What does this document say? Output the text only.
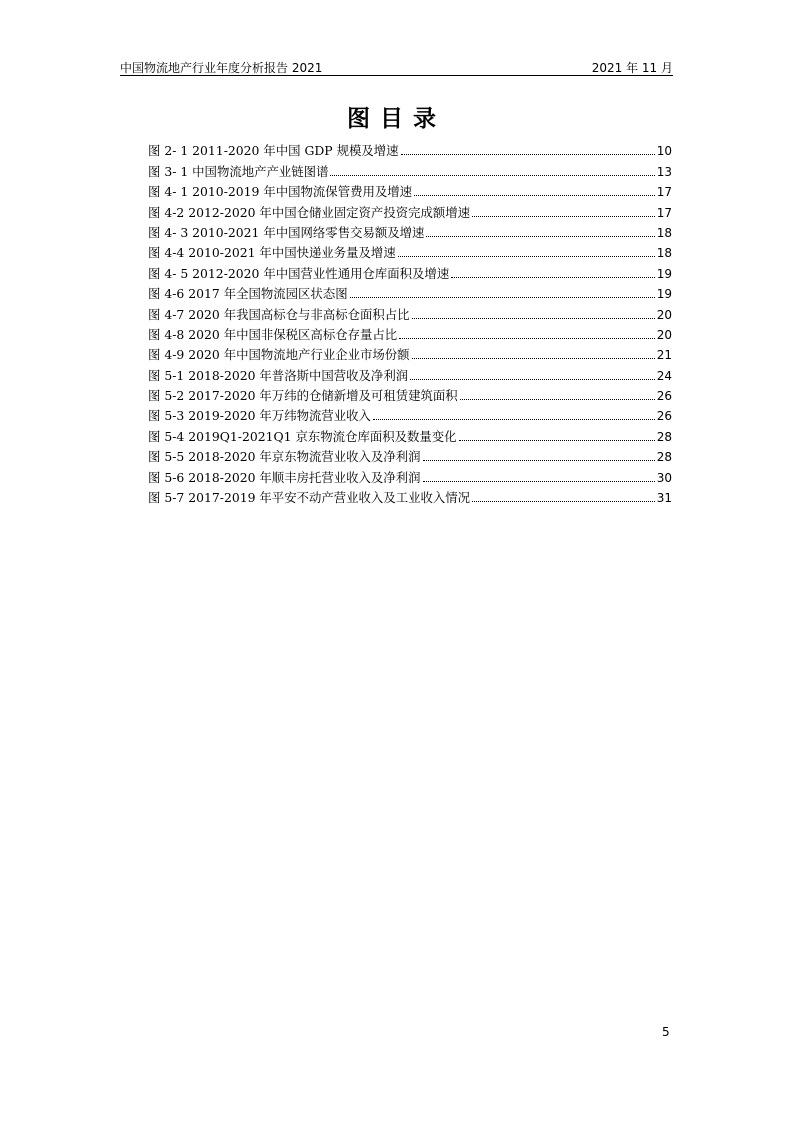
中国物流地产行业年度分析报告 2021	2021 年 11 月
图目录
图 2- 1 2011-2020 年中国 GDP 规模及增速	10
图 3- 1 中国物流地产产业链图谱	13
图 4- 1 2010-2019 年中国物流保管费用及增速	17
图 4-2 2012-2020 年中国仓储业固定资产投资完成额增速	17
图 4- 3 2010-2021 年中国网络零售交易额及增速	18
图 4-4 2010-2021 年中国快递业务量及增速	18
图 4- 5 2012-2020 年中国营业性通用仓库面积及增速	19
图 4-6 2017 年全国物流园区状态图	19
图 4-7 2020 年我国高标仓与非高标仓面积占比	20
图 4-8 2020 年中国非保税区高标仓存量占比	20
图 4-9 2020 年中国物流地产行业企业市场份额	21
图 5-1 2018-2020 年普洛斯中国营收及净利润	24
图 5-2 2017-2020 年万纬的仓储新增及可租赁建筑面积	26
图 5-3 2019-2020 年万纬物流营业收入	26
图 5-4 2019Q1-2021Q1 京东物流仓库面积及数量变化	28
图 5-5 2018-2020 年京东物流营业收入及净利润	28
图 5-6 2018-2020 年顺丰房托营业收入及净利润	30
图 5-7 2017-2019 年平安不动产营业收入及工业收入情况	31
5
